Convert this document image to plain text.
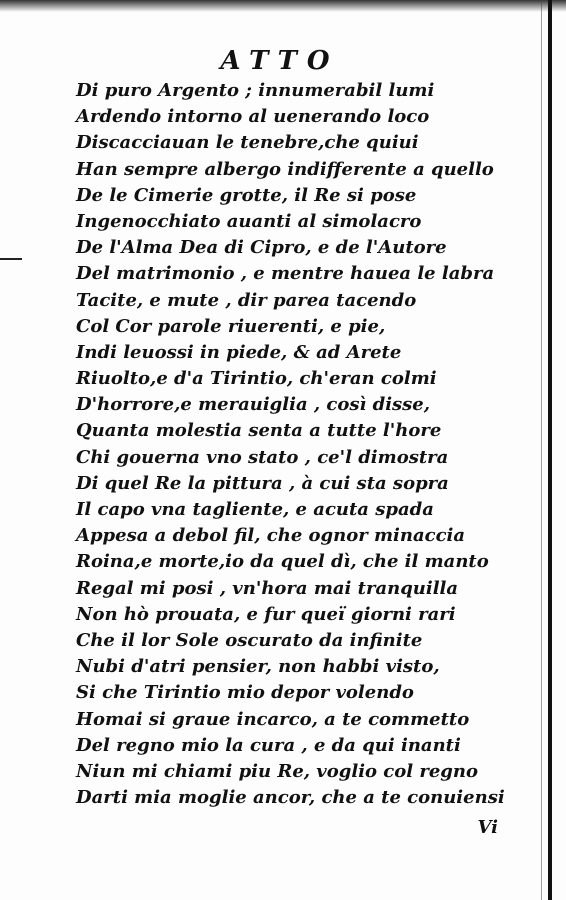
ATTO
Di puro Argento ; innumerabil lumi
Ardendo intorno al uenerando loco
Discacciauan le tenebre,che quiui
Han sempre albergo indifferente a quello
De le Cimerie grotte, il Re si pose
Ingenocchiato auanti al simolacro
De l'Alma Dea di Cipro, e de l'Autore
Del matrimonio , e mentre hauea le labra
Tacite, e mute , dir parea tacendo
Col Cor parole riuerenti, e pie,
Indi leuossi in piede, & ad Arete
Riuolto,e d'a Tirintio, ch'eran colmi
D'horrore,e merauiglia , così disse,
Quanta molestia senta a tutte l'hore
Chi gouerna vno stato , ce'l dimostra
Di quel Re la pittura , à cui sta sopra
Il capo vna tagliente, e acuta spada
Appesa a debol fil, che ognor minaccia
Roina,e morte,io da quel dì, che il manto
Regal mi posi , vn'hora mai tranquilla
Non hò prouata, e fur queï giorni rari
Che il lor Sole oscurato da infinite
Nubi d'atri pensier, non habbi visto,
Si che Tirintio mio depor volendo
Homai si graue incarco, a te commetto
Del regno mio la cura , e da qui inanti
Niun mi chiami piu Re, voglio col regno
Darti mia moglie ancor, che a te conuiensi
Vi
